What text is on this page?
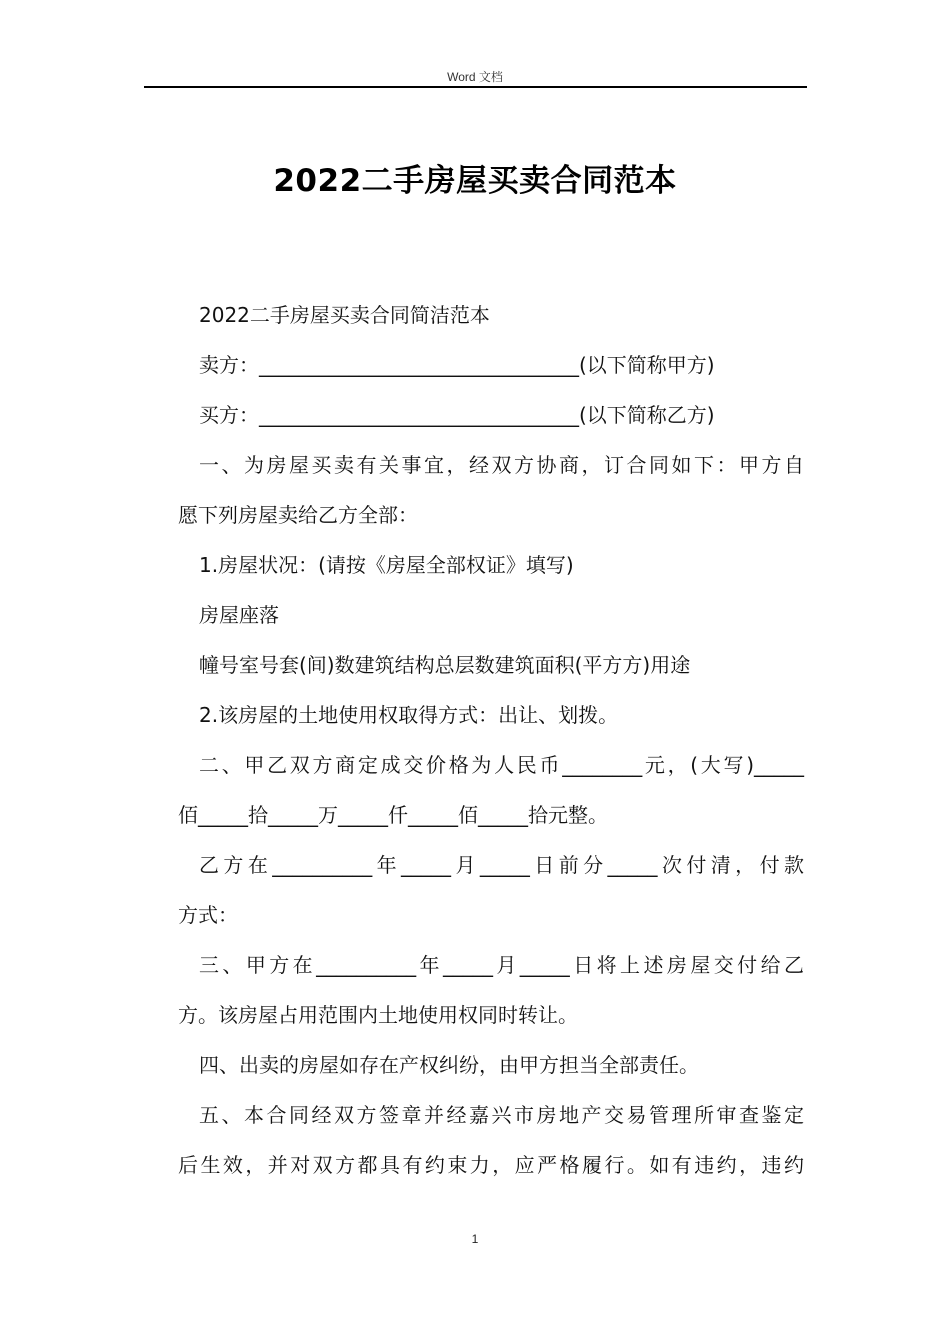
Word 文档
2022二手房屋买卖合同范本
2022二手房屋买卖合同简洁范本
卖方：________________________________(以下简称甲方)
买方：________________________________(以下简称乙方)
一、为房屋买卖有关事宜，经双方协商，订合同如下：甲方自
愿下列房屋卖给乙方全部：
1.房屋状况：(请按《房屋全部权证》填写)
房屋座落
幢号室号套(间)数建筑结构总层数建筑面积(平方方)用途
2.该房屋的土地使用权取得方式：出让、划拨。
二、甲乙双方商定成交价格为人民币________元，(大写)_____
佰_____拾_____万_____仟_____佰_____拾元整。
乙方在__________年_____月_____日前分_____次付清，付款
方式：
三、甲方在__________年_____月_____日将上述房屋交付给乙
方。该房屋占用范围内土地使用权同时转让。
四、出卖的房屋如存在产权纠纷，由甲方担当全部责任。
五、本合同经双方签章并经嘉兴市房地产交易管理所审查鉴定
后生效，并对双方都具有约束力，应严格履行。如有违约，违约
1
